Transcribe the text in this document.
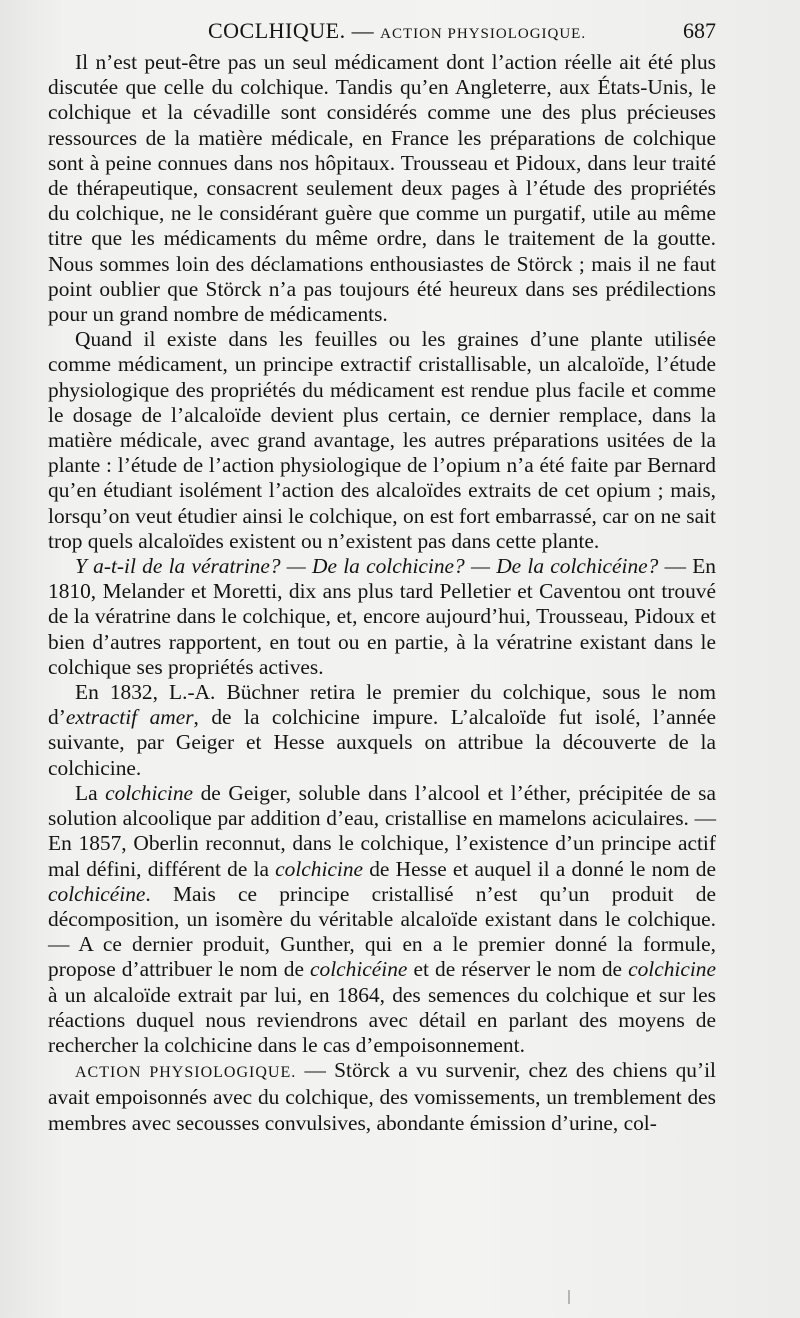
COCLHIQUE. — ACTION PHYSIOLOGIQUE.	687

Il n’est peut-être pas un seul médicament dont l’action réelle ait été plus discutée que celle du colchique. Tandis qu’en Angleterre, aux États-Unis, le colchique et la cévadille sont considérés comme une des plus précieuses ressources de la matière médicale, en France les préparations de colchique sont à peine connues dans nos hôpitaux. Trousseau et Pidoux, dans leur traité de thérapeutique, consacrent seulement deux pages à l’étude des propriétés du colchique, ne le considérant guère que comme un purgatif, utile au même titre que les médicaments du même ordre, dans le traitement de la goutte. Nous sommes loin des déclamations enthousiastes de Störck ; mais il ne faut point oublier que Störck n’a pas toujours été heureux dans ses prédilections pour un grand nombre de médicaments.

Quand il existe dans les feuilles ou les graines d’une plante utilisée comme médicament, un principe extractif cristallisable, un alcaloïde, l’étude physiologique des propriétés du médicament est rendue plus facile et comme le dosage de l’alcaloïde devient plus certain, ce dernier remplace, dans la matière médicale, avec grand avantage, les autres préparations usitées de la plante : l’étude de l’action physiologique de l’opium n’a été faite par Bernard qu’en étudiant isolément l’action des alcaloïdes extraits de cet opium ; mais, lorsqu’on veut étudier ainsi le colchique, on est fort embarrassé, car on ne sait trop quels alcaloïdes existent ou n’existent pas dans cette plante.

Y a-t-il de la vératrine? — De la colchicine? — De la colchicéine? — En 1810, Melander et Moretti, dix ans plus tard Pelletier et Caventou ont trouvé de la vératrine dans le colchique, et, encore aujourd’hui, Trousseau, Pidoux et bien d’autres rapportent, en tout ou en partie, à la vératrine existant dans le colchique ses propriétés actives.

En 1832, L.-A. Büchner retira le premier du colchique, sous le nom d’extractif amer, de la colchicine impure. L’alcaloïde fut isolé, l’année suivante, par Geiger et Hesse auxquels on attribue la découverte de la colchicine.

La colchicine de Geiger, soluble dans l’alcool et l’éther, précipitée de sa solution alcoolique par addition d’eau, cristallise en mamelons aciculaires. — En 1857, Oberlin reconnut, dans le colchique, l’existence d’un principe actif mal défini, différent de la colchicine de Hesse et auquel il a donné le nom de colchicéine. Mais ce principe cristallisé n’est qu’un produit de décomposition, un isomère du véritable alcaloïde existant dans le colchique. — A ce dernier produit, Gunther, qui en a le premier donné la formule, propose d’attribuer le nom de colchicéine et de réserver le nom de colchicine à un alcaloïde extrait par lui, en 1864, des semences du colchique et sur les réactions duquel nous reviendrons avec détail en parlant des moyens de rechercher la colchicine dans le cas d’empoisonnement.

ACTION PHYSIOLOGIQUE. — Störck a vu survenir, chez des chiens qu’il avait empoisonnés avec du colchique, des vomissements, un tremblement des membres avec secousses convulsives, abondante émission d’urine, col-
